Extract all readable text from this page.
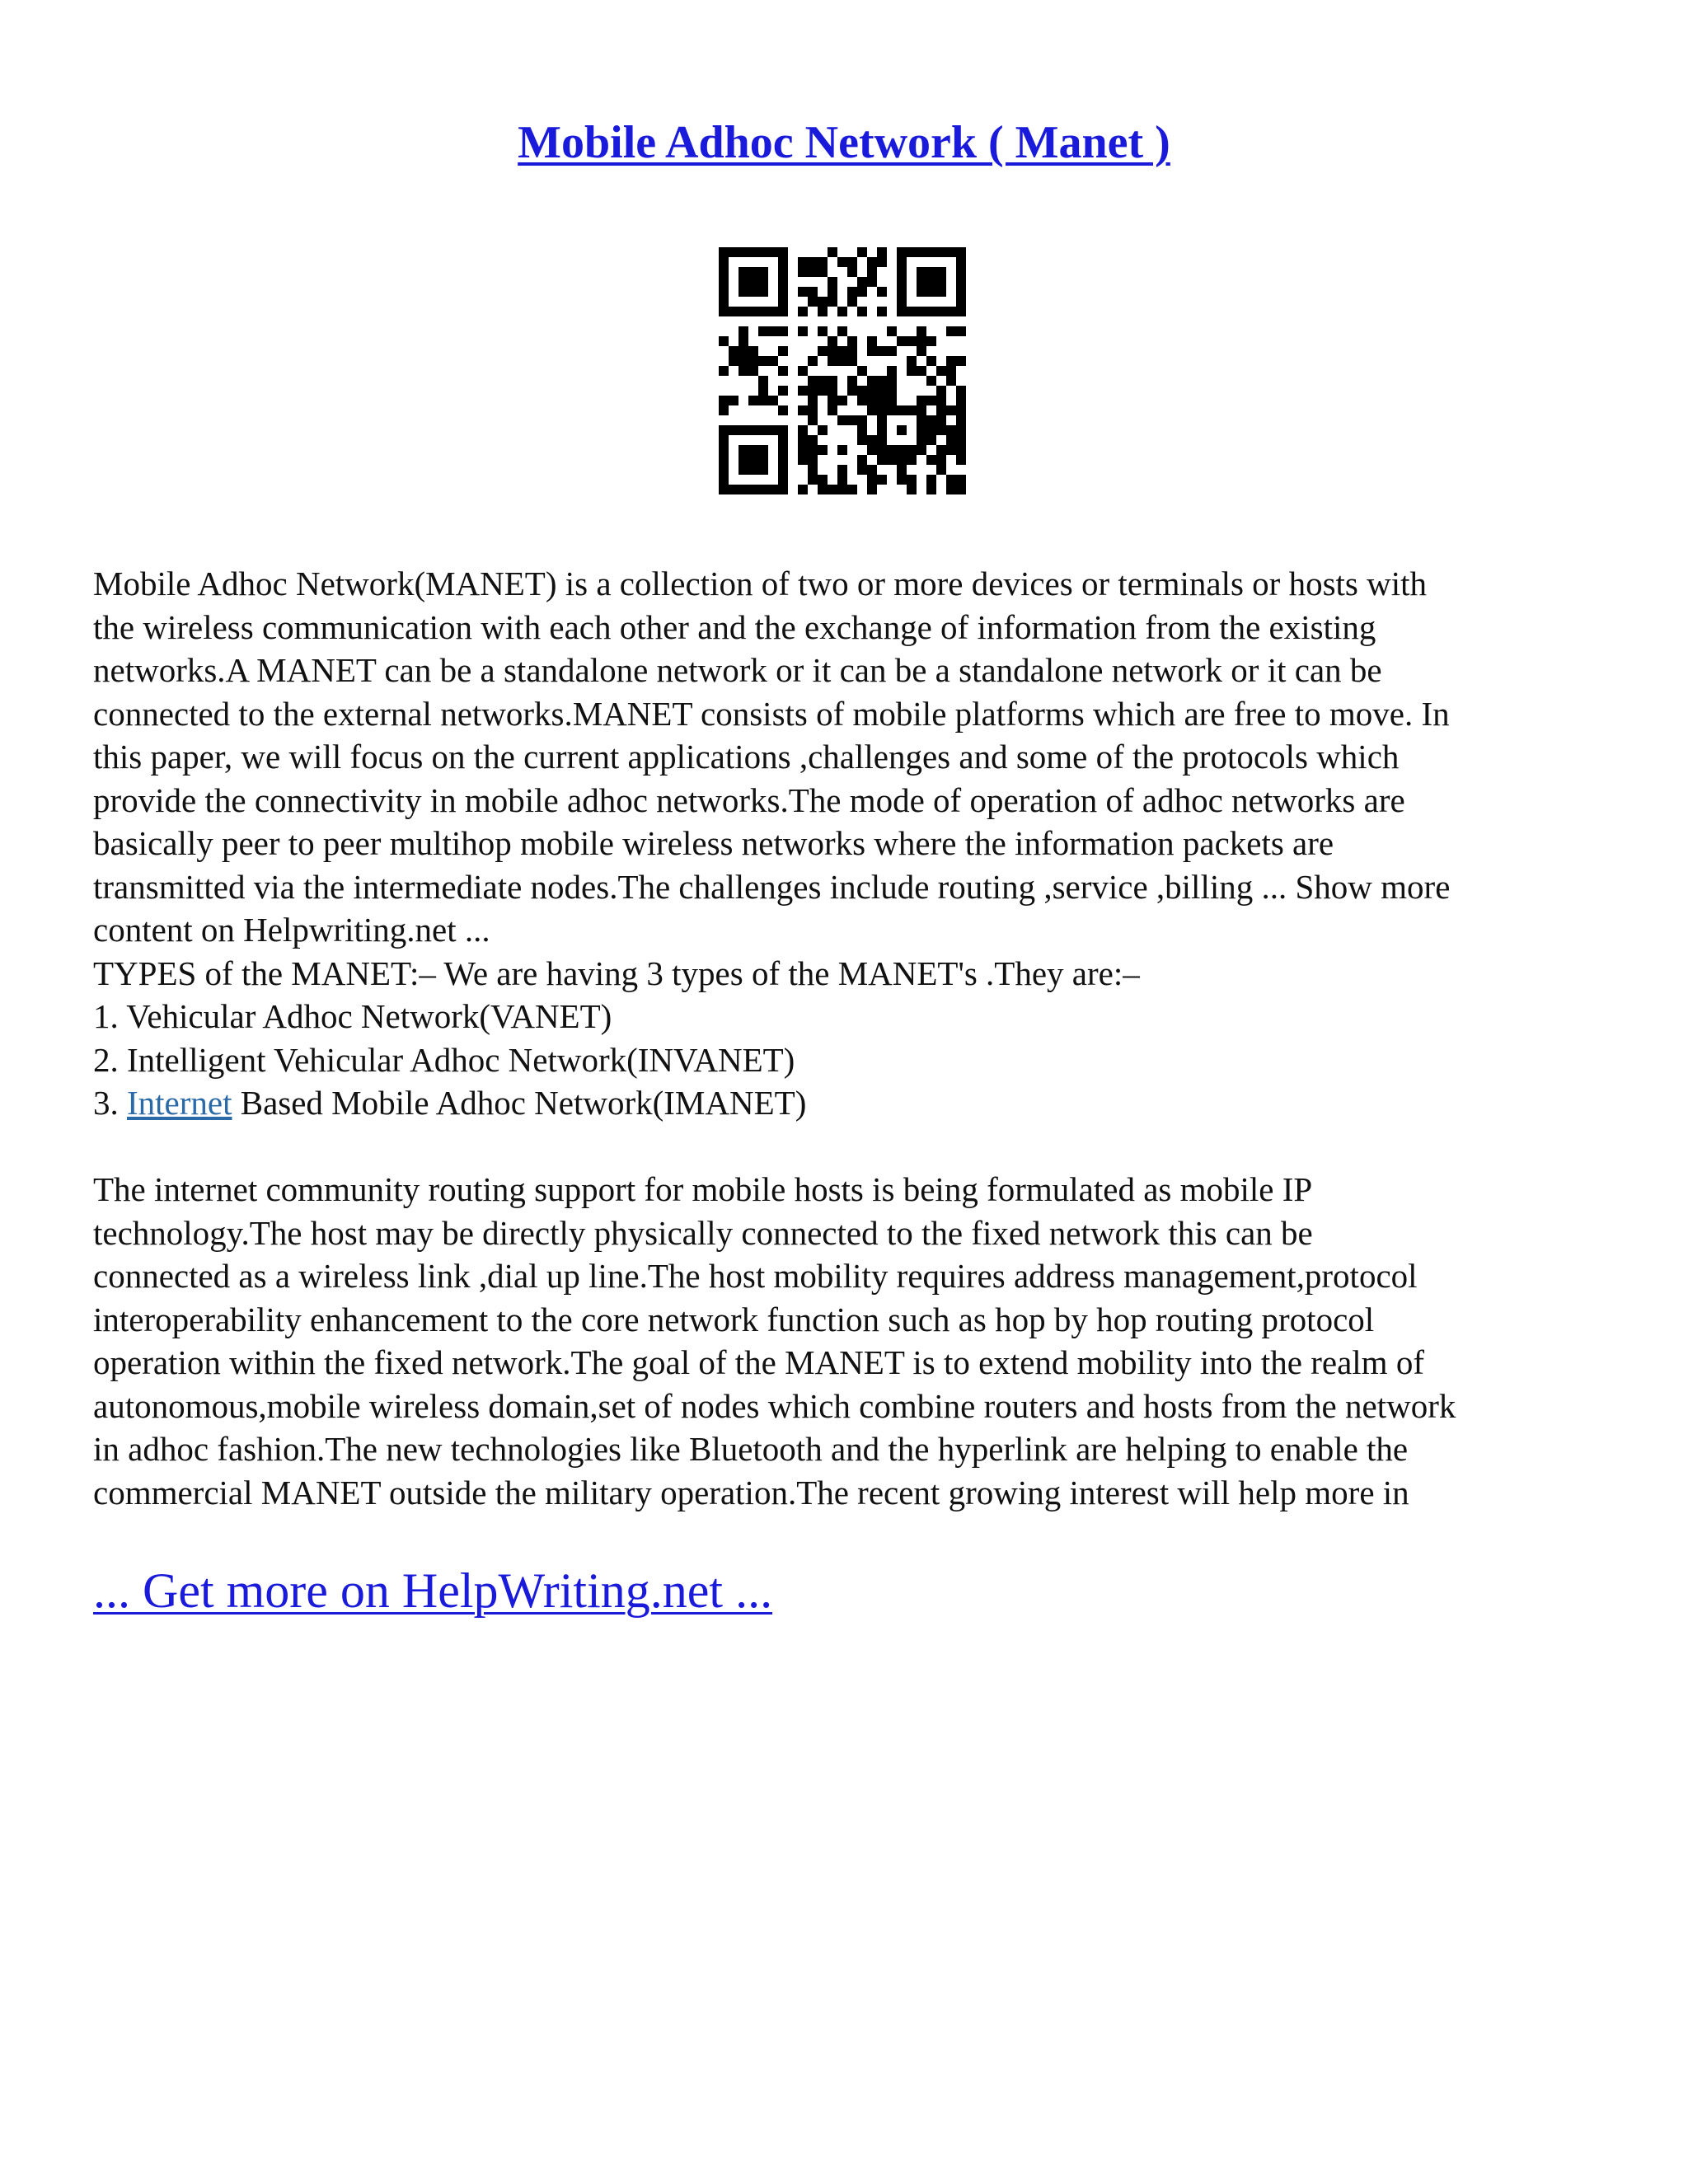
Mobile Adhoc Network ( Manet )
Mobile Adhoc Network(MANET) is a collection of two or more devices or terminals or hosts with
the wireless communication with each other and the exchange of information from the existing
networks.A MANET can be a standalone network or it can be a standalone network or it can be
connected to the external networks.MANET consists of mobile platforms which are free to move. In
this paper, we will focus on the current applications ,challenges and some of the protocols which
provide the connectivity in mobile adhoc networks.The mode of operation of adhoc networks are
basically peer to peer multihop mobile wireless networks where the information packets are
transmitted via the intermediate nodes.The challenges include routing ,service ,billing ... Show more
content on Helpwriting.net ...
TYPES of the MANET:– We are having 3 types of the MANET's .They are:–
1. Vehicular Adhoc Network(VANET)
2. Intelligent Vehicular Adhoc Network(INVANET)
3. Internet Based Mobile Adhoc Network(IMANET)
The internet community routing support for mobile hosts is being formulated as mobile IP
technology.The host may be directly physically connected to the fixed network this can be
connected as a wireless link ,dial up line.The host mobility requires address management,protocol
interoperability enhancement to the core network function such as hop by hop routing protocol
operation within the fixed network.The goal of the MANET is to extend mobility into the realm of
autonomous,mobile wireless domain,set of nodes which combine routers and hosts from the network
in adhoc fashion.The new technologies like Bluetooth and the hyperlink are helping to enable the
commercial MANET outside the military operation.The recent growing interest will help more in
... Get more on HelpWriting.net ...
